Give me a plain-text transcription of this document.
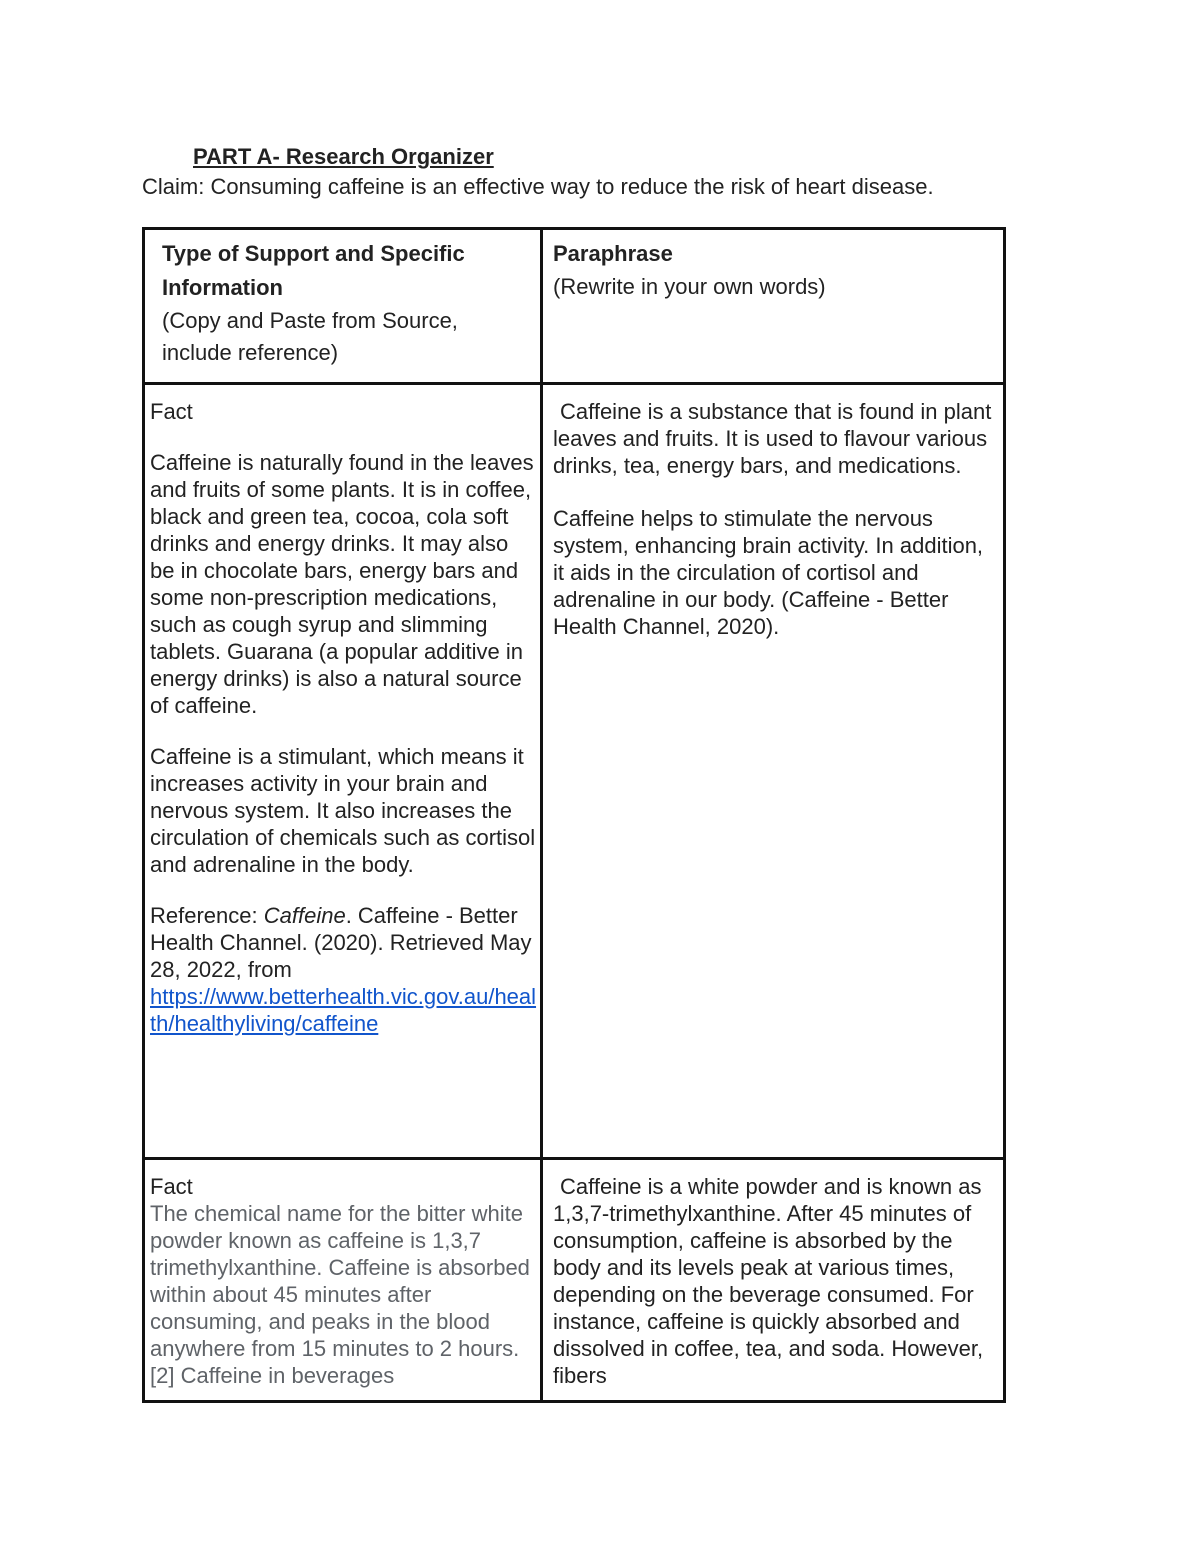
PART A- Research Organizer

Claim: Consuming caffeine is an effective way to reduce the risk of heart disease.

Type of Support and Specific Information

(Copy and Paste from Source, include reference)

Paraphrase

(Rewrite in your own words)

Fact

Caffeine is naturally found in the leaves and fruits of some plants. It is in coffee, black and green tea, cocoa, cola soft drinks and energy drinks. It may also be in chocolate bars, energy bars and some non-prescription medications, such as cough syrup and slimming tablets. Guarana (a popular additive in energy drinks) is also a natural source of caffeine.

Caffeine is a stimulant, which means it increases activity in your brain and nervous system. It also increases the circulation of chemicals such as cortisol and adrenaline in the body.

Reference: Caffeine. Caffeine - Better Health Channel. (2020). Retrieved May 28, 2022, from
https://www.betterhealth.vic.gov.au/health/healthyliving/caffeine

Caffeine is a substance that is found in plant leaves and fruits. It is used to flavour various drinks, tea, energy bars, and medications.

Caffeine helps to stimulate the nervous system, enhancing brain activity. In addition, it aids in the circulation of cortisol and adrenaline in our body. (Caffeine - Better Health Channel, 2020).

Fact

The chemical name for the bitter white powder known as caffeine is 1,3,7 trimethylxanthine. Caffeine is absorbed within about 45 minutes after consuming, and peaks in the blood anywhere from 15 minutes to 2 hours. [2] Caffeine in beverages

Caffeine is a white powder and is known as 1,3,7-trimethylxanthine. After 45 minutes of consumption, caffeine is absorbed by the body and its levels peak at various times, depending on the beverage consumed. For instance, caffeine is quickly absorbed and dissolved in coffee, tea, and soda. However, fibers
